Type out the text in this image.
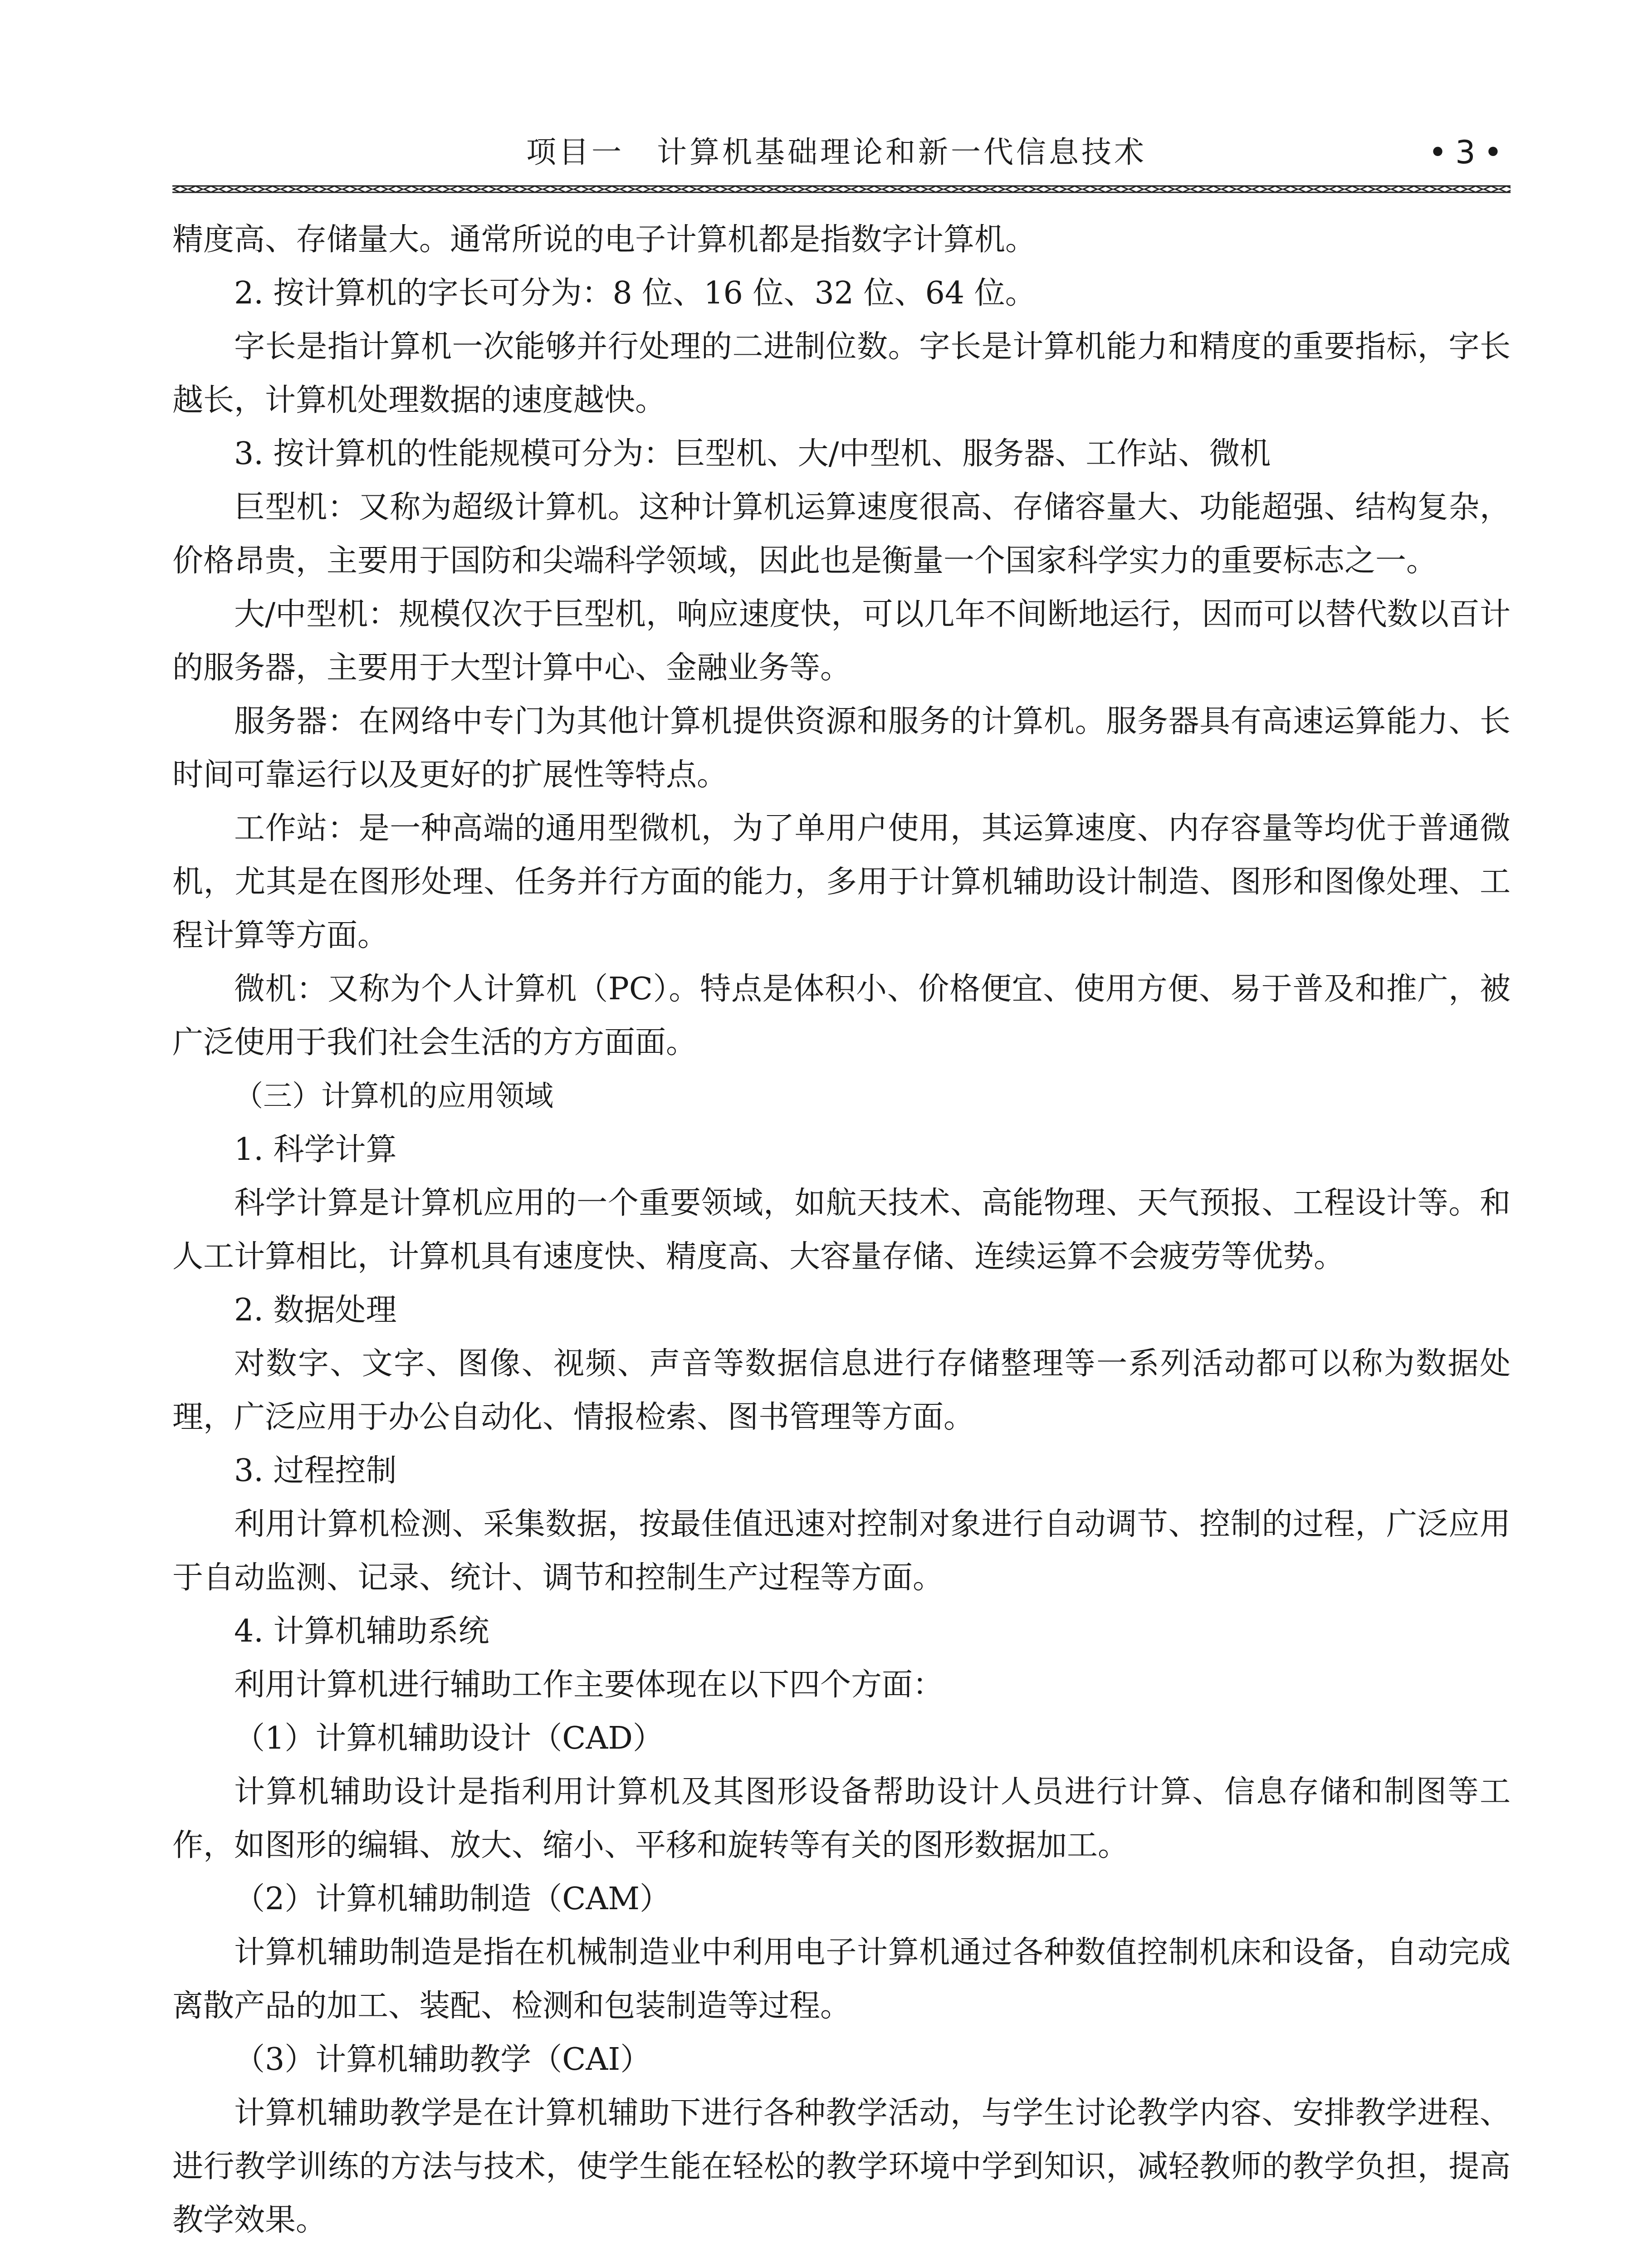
项目一　计算机基础理论和新一代信息技术	• 3 •

精度高、存储量大。通常所说的电子计算机都是指数字计算机。

2. 按计算机的字长可分为：8 位、16 位、32 位、64 位。

字长是指计算机一次能够并行处理的二进制位数。字长是计算机能力和精度的重要指标，字长越长，计算机处理数据的速度越快。

3. 按计算机的性能规模可分为：巨型机、大/中型机、服务器、工作站、微机

巨型机：又称为超级计算机。这种计算机运算速度很高、存储容量大、功能超强、结构复杂，价格昂贵，主要用于国防和尖端科学领域，因此也是衡量一个国家科学实力的重要标志之一。

大/中型机：规模仅次于巨型机，响应速度快，可以几年不间断地运行，因而可以替代数以百计的服务器，主要用于大型计算中心、金融业务等。

服务器：在网络中专门为其他计算机提供资源和服务的计算机。服务器具有高速运算能力、长时间可靠运行以及更好的扩展性等特点。

工作站：是一种高端的通用型微机，为了单用户使用，其运算速度、内存容量等均优于普通微机，尤其是在图形处理、任务并行方面的能力，多用于计算机辅助设计制造、图形和图像处理、工程计算等方面。

微机：又称为个人计算机（PC）。特点是体积小、价格便宜、使用方便、易于普及和推广，被广泛使用于我们社会生活的方方面面。

（三）计算机的应用领域

1. 科学计算

科学计算是计算机应用的一个重要领域，如航天技术、高能物理、天气预报、工程设计等。和人工计算相比，计算机具有速度快、精度高、大容量存储、连续运算不会疲劳等优势。

2. 数据处理

对数字、文字、图像、视频、声音等数据信息进行存储整理等一系列活动都可以称为数据处理，广泛应用于办公自动化、情报检索、图书管理等方面。

3. 过程控制

利用计算机检测、采集数据，按最佳值迅速对控制对象进行自动调节、控制的过程，广泛应用于自动监测、记录、统计、调节和控制生产过程等方面。

4. 计算机辅助系统

利用计算机进行辅助工作主要体现在以下四个方面：

（1）计算机辅助设计（CAD）

计算机辅助设计是指利用计算机及其图形设备帮助设计人员进行计算、信息存储和制图等工作，如图形的编辑、放大、缩小、平移和旋转等有关的图形数据加工。

（2）计算机辅助制造（CAM）

计算机辅助制造是指在机械制造业中利用电子计算机通过各种数值控制机床和设备，自动完成离散产品的加工、装配、检测和包装制造等过程。

（3）计算机辅助教学（CAI）

计算机辅助教学是在计算机辅助下进行各种教学活动，与学生讨论教学内容、安排教学进程、进行教学训练的方法与技术，使学生能在轻松的教学环境中学到知识，减轻教师的教学负担，提高教学效果。
